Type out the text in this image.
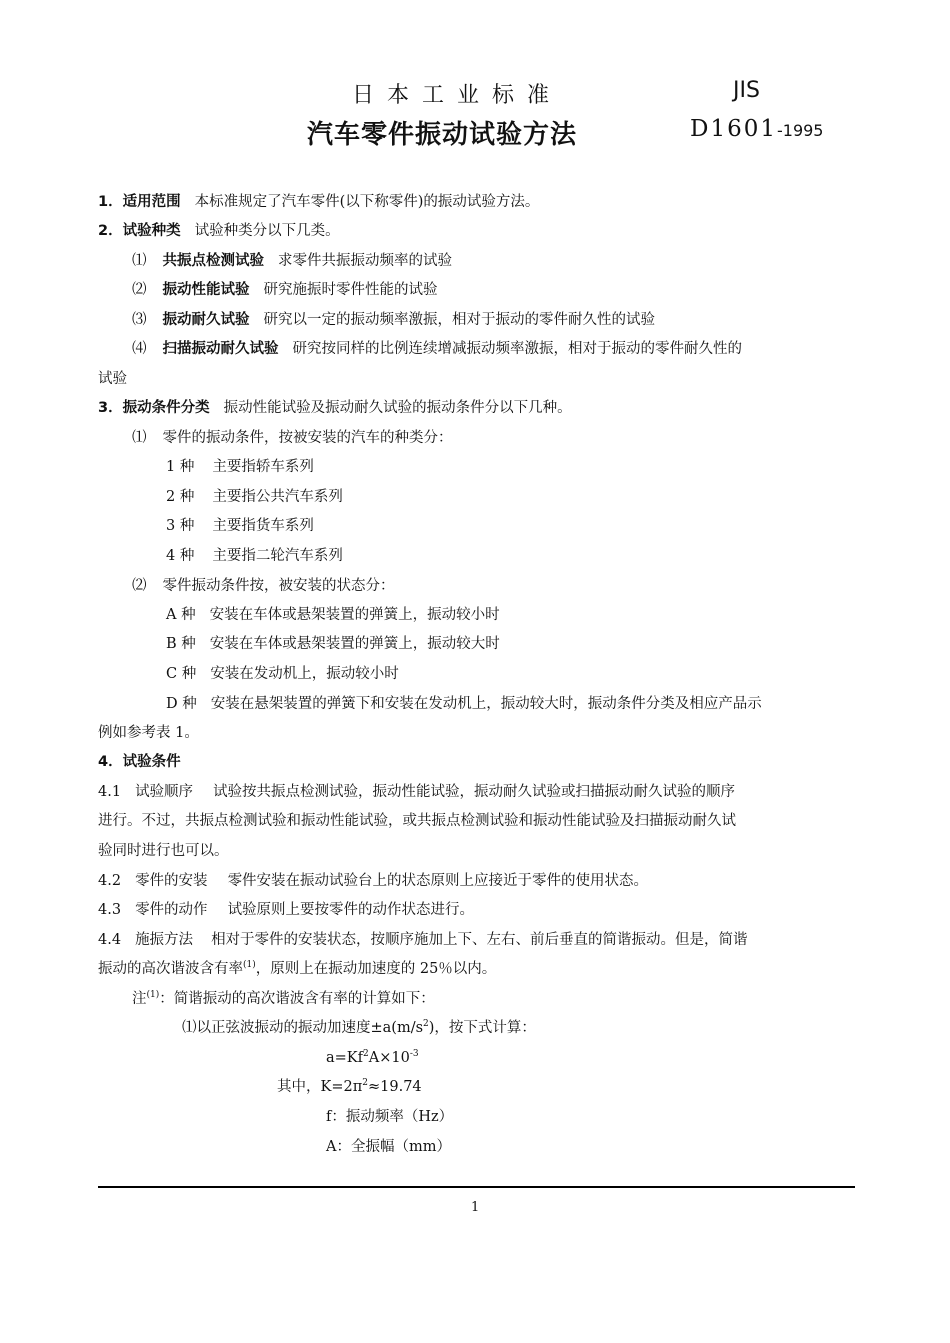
日本工业标准	JIS
汽车零件振动试验方法	D1601-1995
1．适用范围 本标准规定了汽车零件(以下称零件)的振动试验方法。
2．试验种类 试验种类分以下几类。
⑴ 共振点检测试验 求零件共振振动频率的试验
⑵ 振动性能试验 研究施振时零件性能的试验
⑶ 振动耐久试验 研究以一定的振动频率激振，相对于振动的零件耐久性的试验
⑷ 扫描振动耐久试验 研究按同样的比例连续增减振动频率激振，相对于振动的零件耐久性的
试验
3．振动条件分类 振动性能试验及振动耐久试验的振动条件分以下几种。
⑴ 零件的振动条件，按被安装的汽车的种类分：
1 种 主要指轿车系列
2 种 主要指公共汽车系列
3 种 主要指货车系列
4 种 主要指二轮汽车系列
⑵ 零件振动条件按，被安装的状态分：
A 种 安装在车体或悬架装置的弹簧上，振动较小时
B 种 安装在车体或悬架装置的弹簧上，振动较大时
C 种 安装在发动机上，振动较小时
D 种 安装在悬架装置的弹簧下和安装在发动机上，振动较大时，振动条件分类及相应产品示
例如参考表 1。
4．试验条件
4.1 试验顺序 试验按共振点检测试验，振动性能试验，振动耐久试验或扫描振动耐久试验的顺序
进行。不过，共振点检测试验和振动性能试验，或共振点检测试验和振动性能试验及扫描振动耐久试
验同时进行也可以。
4.2 零件的安装 零件安装在振动试验台上的状态原则上应接近于零件的使用状态。
4.3 零件的动作 试验原则上要按零件的动作状态进行。
4.4 施振方法 相对于零件的安装状态，按顺序施加上下、左右、前后垂直的简谐振动。但是，简谐
振动的高次谐波含有率$^{(1)}$，原则上在振动加速度的 25％以内。
注$^{(1)}$：简谐振动的高次谐波含有率的计算如下：
⑴以正弦波振动的振动加速度$\pm a(m/s^2)$，按下式计算：
$a=Kf^2A\times 10^{-3}$
其中，$K=2\pi^2\approx 19.74$
f：振动频率（Hz）
A：全振幅（mm）
1
